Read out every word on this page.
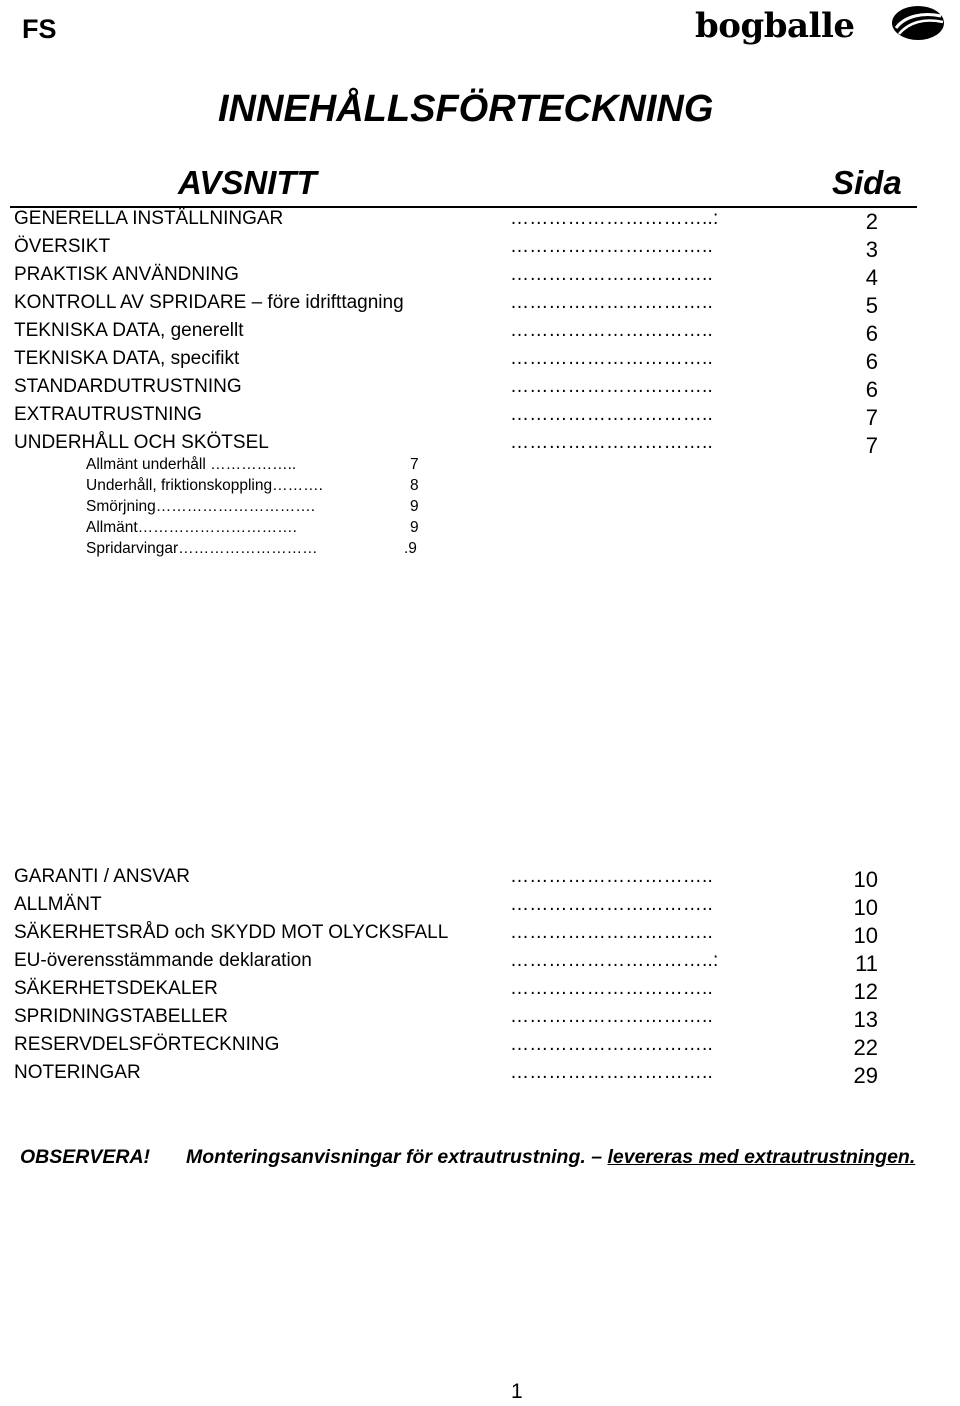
FS	bogballe
INNEHÅLLSFÖRTECKNING
AVSNITT	Sida
GENERELLA INSTÄLLNINGAR	…………………………..:	2
ÖVERSIKT	…………………………..	3
PRAKTISK ANVÄNDNING	…………………………..	4
KONTROLL AV SPRIDARE – före idrifttagning	…………………………..	5
TEKNISKA DATA, generellt	…………………………..	6
TEKNISKA DATA, specifikt	…………………………..	6
STANDARDUTRUSTNING	…………………………..	6
EXTRAUTRUSTNING	…………………………..	7
UNDERHÅLL OCH SKÖTSEL	…………………………..	7
Allmänt underhåll ……………..	7
Underhåll, friktionskoppling……….	8
Smörjning………………………….	9
Allmänt………………………….	9
Spridarvingar………………………	.9
GARANTI / ANSVAR	…………………………..	10
ALLMÄNT	…………………………..	10
SÄKERHETSRÅD och SKYDD MOT OLYCKSFALL	…………………………..	10
EU-överensstämmande deklaration	…………………………..:	11
SÄKERHETSDEKALER	…………………………..	12
SPRIDNINGSTABELLER	…………………………..	13
RESERVDELSFÖRTECKNING	…………………………..	22
NOTERINGAR	…………………………..	29
OBSERVERA! Monteringsanvisningar för extrautrustning. – levereras med extrautrustningen.
1
